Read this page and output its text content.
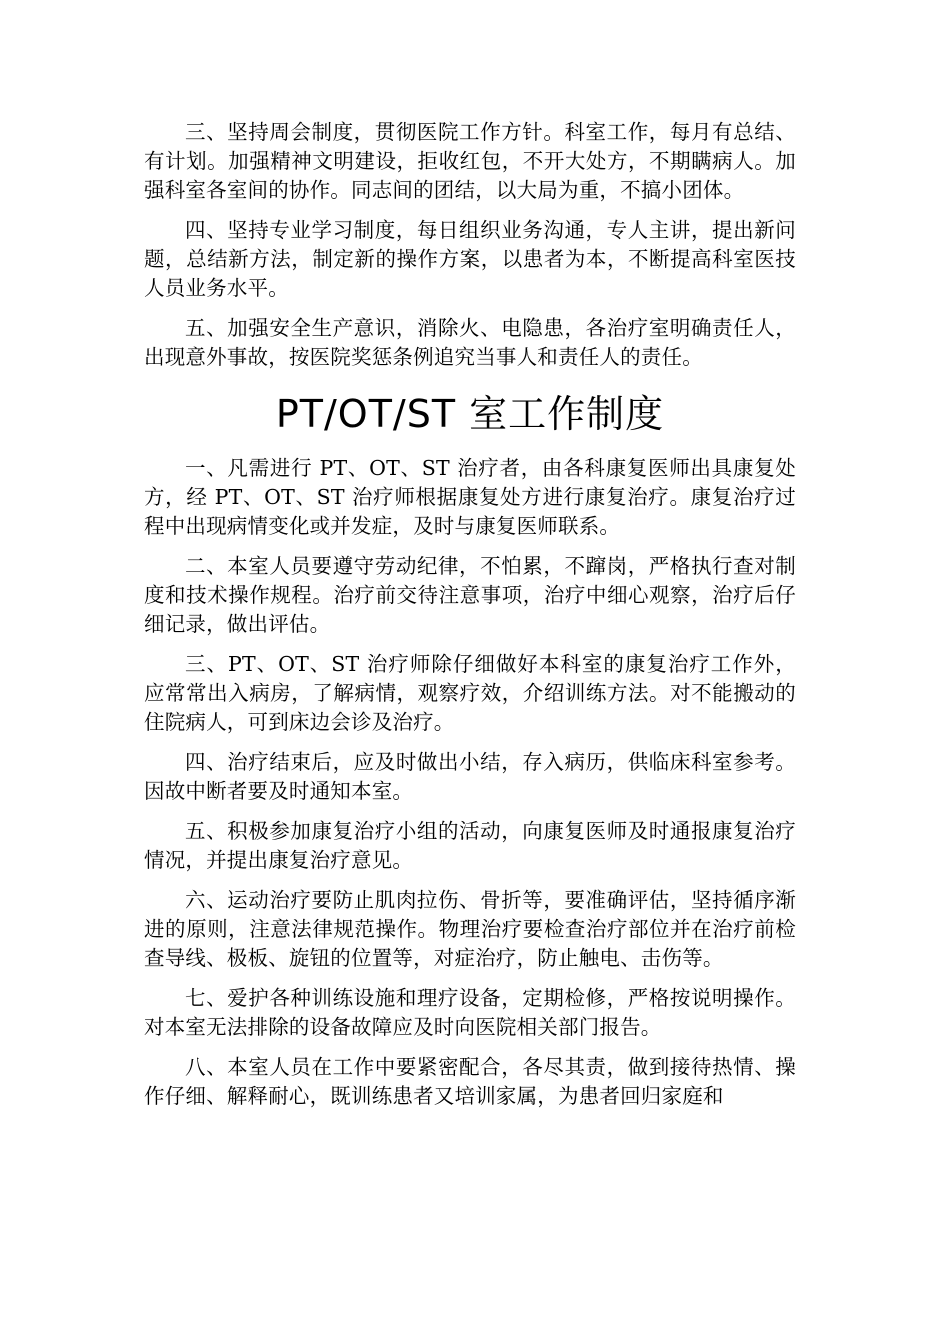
三、坚持周会制度，贯彻医院工作方针。科室工作，每月有总结、有计划。加强精神文明建设，拒收红包，不开大处方，不期瞒病人。加强科室各室间的协作。同志间的团结，以大局为重，不搞小团体。

四、坚持专业学习制度，每日组织业务沟通，专人主讲，提出新问题，总结新方法，制定新的操作方案，以患者为本，不断提高科室医技人员业务水平。

五、加强安全生产意识，消除火、电隐患，各治疗室明确责任人，出现意外事故，按医院奖惩条例追究当事人和责任人的责任。

PT/OT/ST 室工作制度

一、凡需进行 PT、OT、ST 治疗者，由各科康复医师出具康复处方，经 PT、OT、ST 治疗师根据康复处方进行康复治疗。康复治疗过程中出现病情变化或并发症，及时与康复医师联系。

二、本室人员要遵守劳动纪律，不怕累，不蹿岗，严格执行查对制度和技术操作规程。治疗前交待注意事项，治疗中细心观察，治疗后仔细记录，做出评估。

三、PT、OT、ST 治疗师除仔细做好本科室的康复治疗工作外，应常常出入病房，了解病情，观察疗效，介绍训练方法。对不能搬动的住院病人，可到床边会诊及治疗。

四、治疗结束后，应及时做出小结，存入病历，供临床科室参考。因故中断者要及时通知本室。

五、积极参加康复治疗小组的活动，向康复医师及时通报康复治疗情况，并提出康复治疗意见。

六、运动治疗要防止肌肉拉伤、骨折等，要准确评估，坚持循序渐进的原则，注意法律规范操作。物理治疗要检查治疗部位并在治疗前检查导线、极板、旋钮的位置等，对症治疗，防止触电、击伤等。

七、爱护各种训练设施和理疗设备，定期检修，严格按说明操作。对本室无法排除的设备故障应及时向医院相关部门报告。

八、本室人员在工作中要紧密配合，各尽其责，做到接待热情、操作仔细、解释耐心，既训练患者又培训家属，为患者回归家庭和
